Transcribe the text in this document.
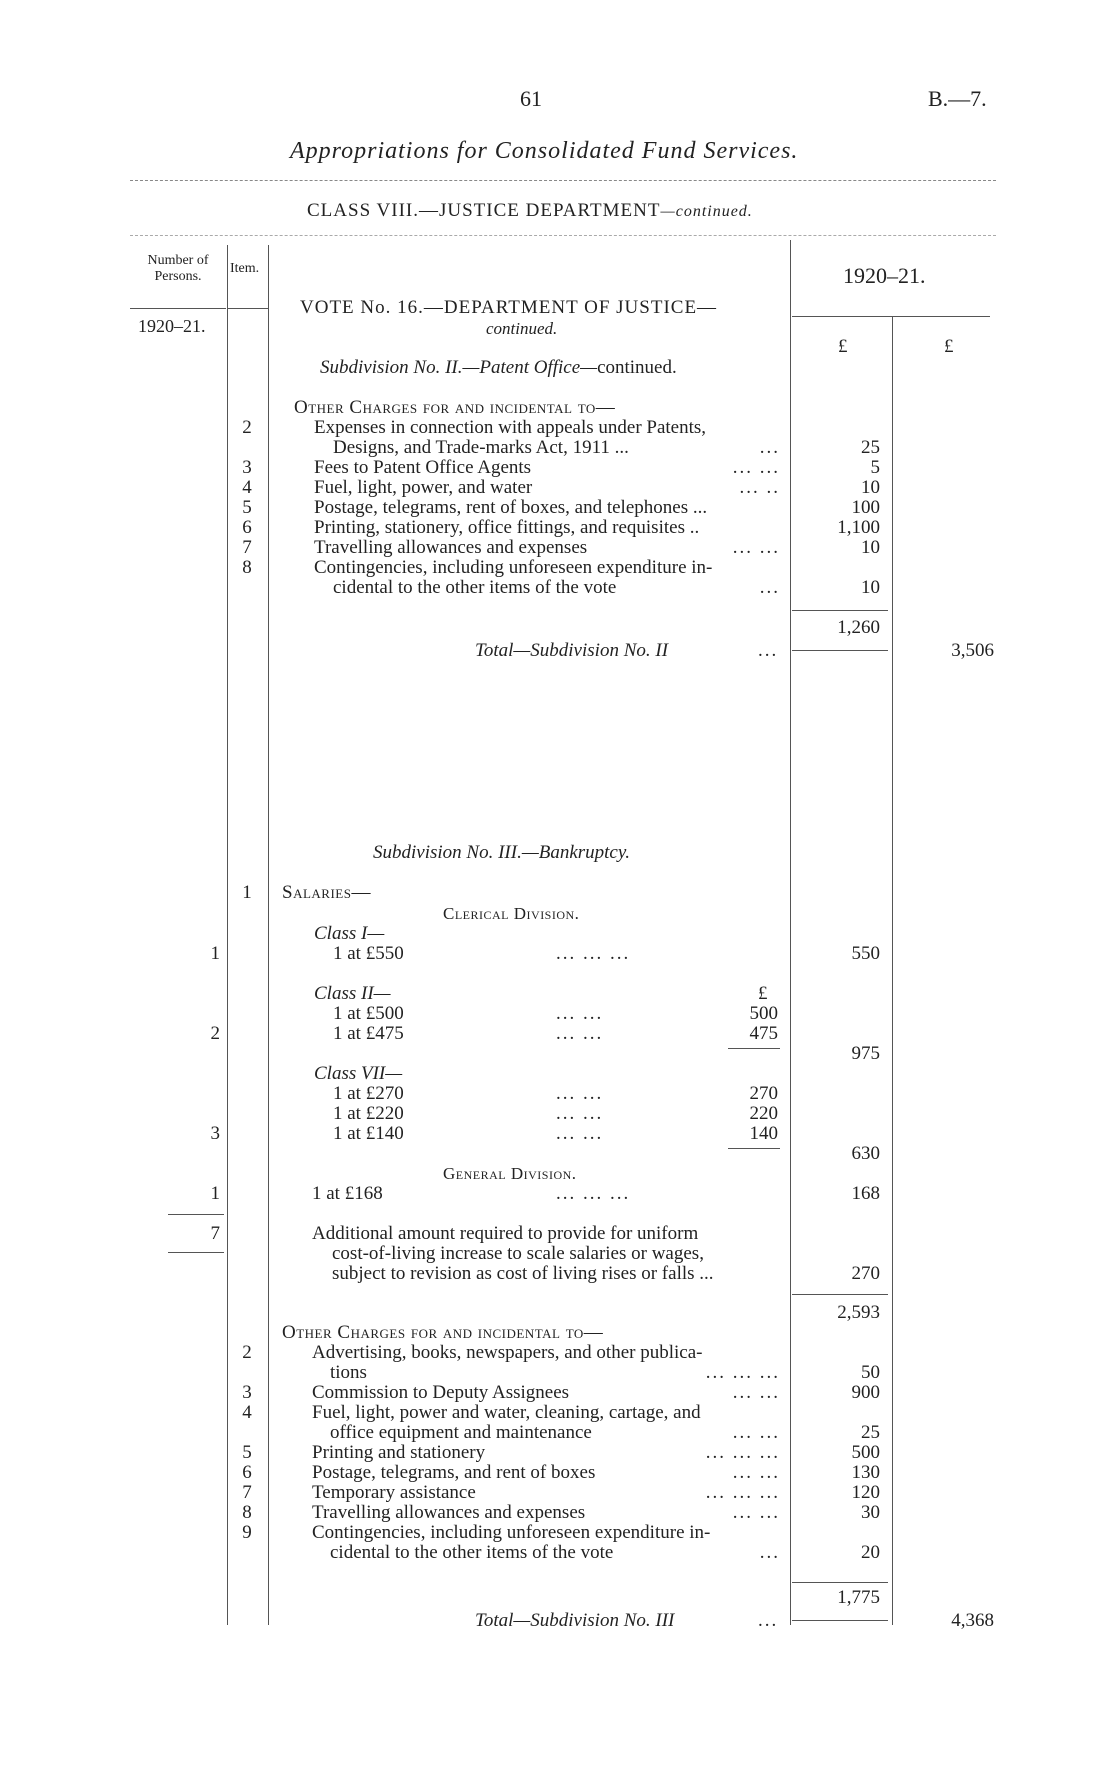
61	B.—7.
Appropriations for Consolidated Fund Services.
CLASS VIII.—JUSTICE DEPARTMENT—continued.
Number of Persons.
Item.
1920–21.
1920–21.
£	£
VOTE No. 16.—DEPARTMENT OF JUSTICE—
continued.
Subdivision No. II.—Patent Office—continued.
Other Charges for and incidental to—
2	Expenses in connection with appeals under Patents,
Designs, and Trade-marks Act, 1911 ...	...	25
3	Fees to Patent Office Agents	... ...	5
4	Fuel, light, power, and water	... ..	10
5	Postage, telegrams, rent of boxes, and telephones ...	100
6	Printing, stationery, office fittings, and requisites ..	1,100
7	Travelling allowances and expenses	... ...	10
8	Contingencies, including unforeseen expenditure in-
cidental to the other items of the vote	...	10
1,260
Total—Subdivision No. II	...	3,506
Subdivision No. III.—Bankruptcy.
1	Salaries—
Clerical Division.
Class I—
1	1 at £550	... ... ...	550
Class II—	£
1 at £500	... ...	500
2	1 at £475	... ...	475
975
Class VII—
1 at £270	... ...	270
1 at £220	... ...	220
3	1 at £140	... ...	140
630
General Division.
1	1 at £168	... ... ...	168
7	Additional amount required to provide for uniform
cost-of-living increase to scale salaries or wages,
subject to revision as cost of living rises or falls ...	270
2,593
Other Charges for and incidental to—
2	Advertising, books, newspapers, and other publica-
tions	... ... ...	50
3	Commission to Deputy Assignees	... ...	900
4	Fuel, light, power and water, cleaning, cartage, and
office equipment and maintenance	... ...	25
5	Printing and stationery	... ... ...	500
6	Postage, telegrams, and rent of boxes	... ...	130
7	Temporary assistance	... ... ...	120
8	Travelling allowances and expenses	... ...	30
9	Contingencies, including unforeseen expenditure in-
cidental to the other items of the vote	...	20
1,775
Total—Subdivision No. III	...	4,368
